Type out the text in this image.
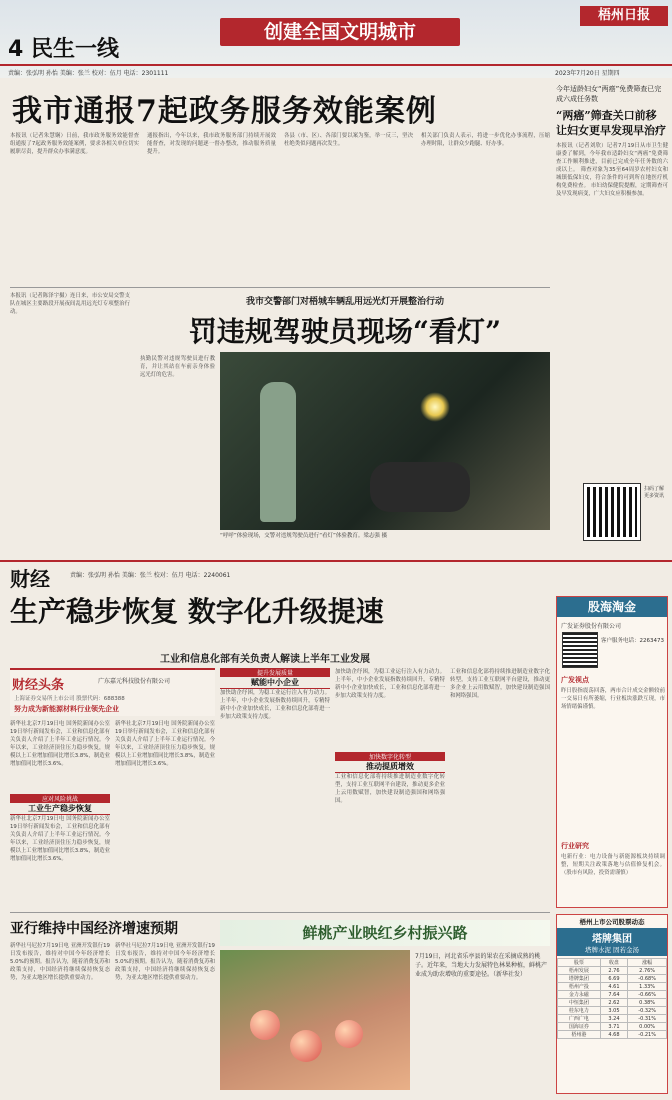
4 民生一线
创建全国文明城市
梧州日报
责编：张弘明 孙怡 美编：张兰 校对：伍月 电话：2301111	2023年7月20日 星期四
我市通报7起政务服务效能案例

本报讯（记者朱慧娴）日前，我市政务服务效能督查组通报了7起政务服务效能案例，要求各相关单位切实履职尽责，提升群众办事满意度。

通报指出，今年以来，我市政务服务部门持续开展效能督查，对发现的问题逐一督办整改，推动服务质量提升。

各县（市、区）、各部门要以案为鉴，举一反三，坚决杜绝类似问题再次发生。

相关部门负责人表示，将进一步优化办事流程，压缩办理时限，让群众少跑腿、好办事。

本报讯（记者陈泽宇摄）连日来，市公安局交警支队在城区主要路段开展夜间乱用远光灯专项整治行动。
我市交警部门对梧城车辆乱用远光灯开展整治行动
罚违规驾驶员现场“看灯”
执勤民警对违规驾驶员进行教育，并让其站在车前亲身体验远光灯的危害。
“呼呼”体验现场，交警对违规驾驶员进行“看灯”体验教育。梁志强 摄
今年适龄妇女“两癌”免费筛查已完成六成任务数
“两癌”筛查关口前移 让妇女更早发现早治疗
本报讯（记者刘欣）记者7月19日从市卫生健康委了解到，今年我市适龄妇女“两癌”免费筛查工作顺利推进，目前已完成全年任务数的六成以上。 筛查对象为35至64周岁农村妇女和城镇低保妇女，符合条件的可到所在地医疗机构免费检查。 市妇幼保健院提醒，定期筛查可及早发现病变，广大妇女应积极参加。
扫码了解更多资讯
财经	责编：张弘明 孙怡 美编：张兰 校对：伍月 电话：2240061
生产稳步恢复 数字化升级提速
工业和信息化部有关负责人解读上半年工业发展
财经头条	广东嘉元科技股份有限公司
上海证券交易所上市公司 股票代码：688388
努力成为新能源材料行业领先企业

新华社北京7月19日电 国务院新闻办公室19日举行新闻发布会，工业和信息化部有关负责人介绍了上半年工业运行情况。今年以来，工业经济顶住压力稳步恢复，规模以上工业增加值同比增长3.8%，制造业增加值同比增长3.6%。

应对风险挑战
工业生产稳步恢复

新华社北京7月19日电 国务院新闻办公室19日举行新闻发布会，工业和信息化部有关负责人介绍了上半年工业运行情况。今年以来，工业经济顶住压力稳步恢复，规模以上工业增加值同比增长3.8%，制造业增加值同比增长3.6%。

新华社北京7月19日电 国务院新闻办公室19日举行新闻发布会，工业和信息化部有关负责人介绍了上半年工业运行情况。今年以来，工业经济顶住压力稳步恢复，规模以上工业增加值同比增长3.8%，制造业增加值同比增长3.6%。
提升发展质量
赋能中小企业

加快助企纾困，为稳工业运行注入有力动力。上半年，中小企业发展指数持续回升，专精特新中小企业加快成长，工业和信息化部将进一步加大政策支持力度。

加快助企纾困，为稳工业运行注入有力动力。上半年，中小企业发展指数持续回升，专精特新中小企业加快成长，工业和信息化部将进一步加大政策支持力度。

加快数字化转型
推动提质增效

工业和信息化部将持续推进制造业数字化转型，支持工业互联网平台建设，推动更多企业上云用数赋智，加快建设制造强国和网络强国。

工业和信息化部将持续推进制造业数字化转型，支持工业互联网平台建设，推动更多企业上云用数赋智，加快建设制造强国和网络强国。
股海淘金
广发证券股份有限公司
客户服务电话：2263473
广发视点

昨日股指震荡回落，两市合计成交金额较前一交易日有所萎缩，行业板块涨跌互现，市场情绪偏谨慎。

行业研究

电新行业：电力设备与新能源板块持续调整，短期关注政策落地与估值修复机会。（股市有风险，投资需谨慎）

梧州上市公司股票动态
塔牌集团
塔牌水泥 固若金汤
股票	收盘	涨幅
梧州发展	2.76	2.76%
塔牌集团	6.69	-0.68%
梧州产投	4.61	1.33%
金力永磁	7.64	-0.66%
中恒集团	2.62	0.38%
桂东电力	3.05	-0.32%
广西广电	3.24	-0.31%
国海证券	3.71	0.00%
梧州港	4.68	-0.21%
亚行维持中国经济增速预期
新华社马尼拉7月19日电 亚洲开发银行19日发布报告，维持对中国今年经济增长5.0%的预期。报告认为，随着消费复苏和政策支持，中国经济将继续保持恢复态势，为亚太地区增长提供重要动力。
新华社马尼拉7月19日电 亚洲开发银行19日发布报告，维持对中国今年经济增长5.0%的预期。报告认为，随着消费复苏和政策支持，中国经济将继续保持恢复态势，为亚太地区增长提供重要动力。
鲜桃产业映红乡村振兴路
7月19日，河北省乐亭县的果农在采摘成熟的桃子。近年来，当地大力发展特色林果种植，鲜桃产业成为助农增收的重要途径。（新华社发）
